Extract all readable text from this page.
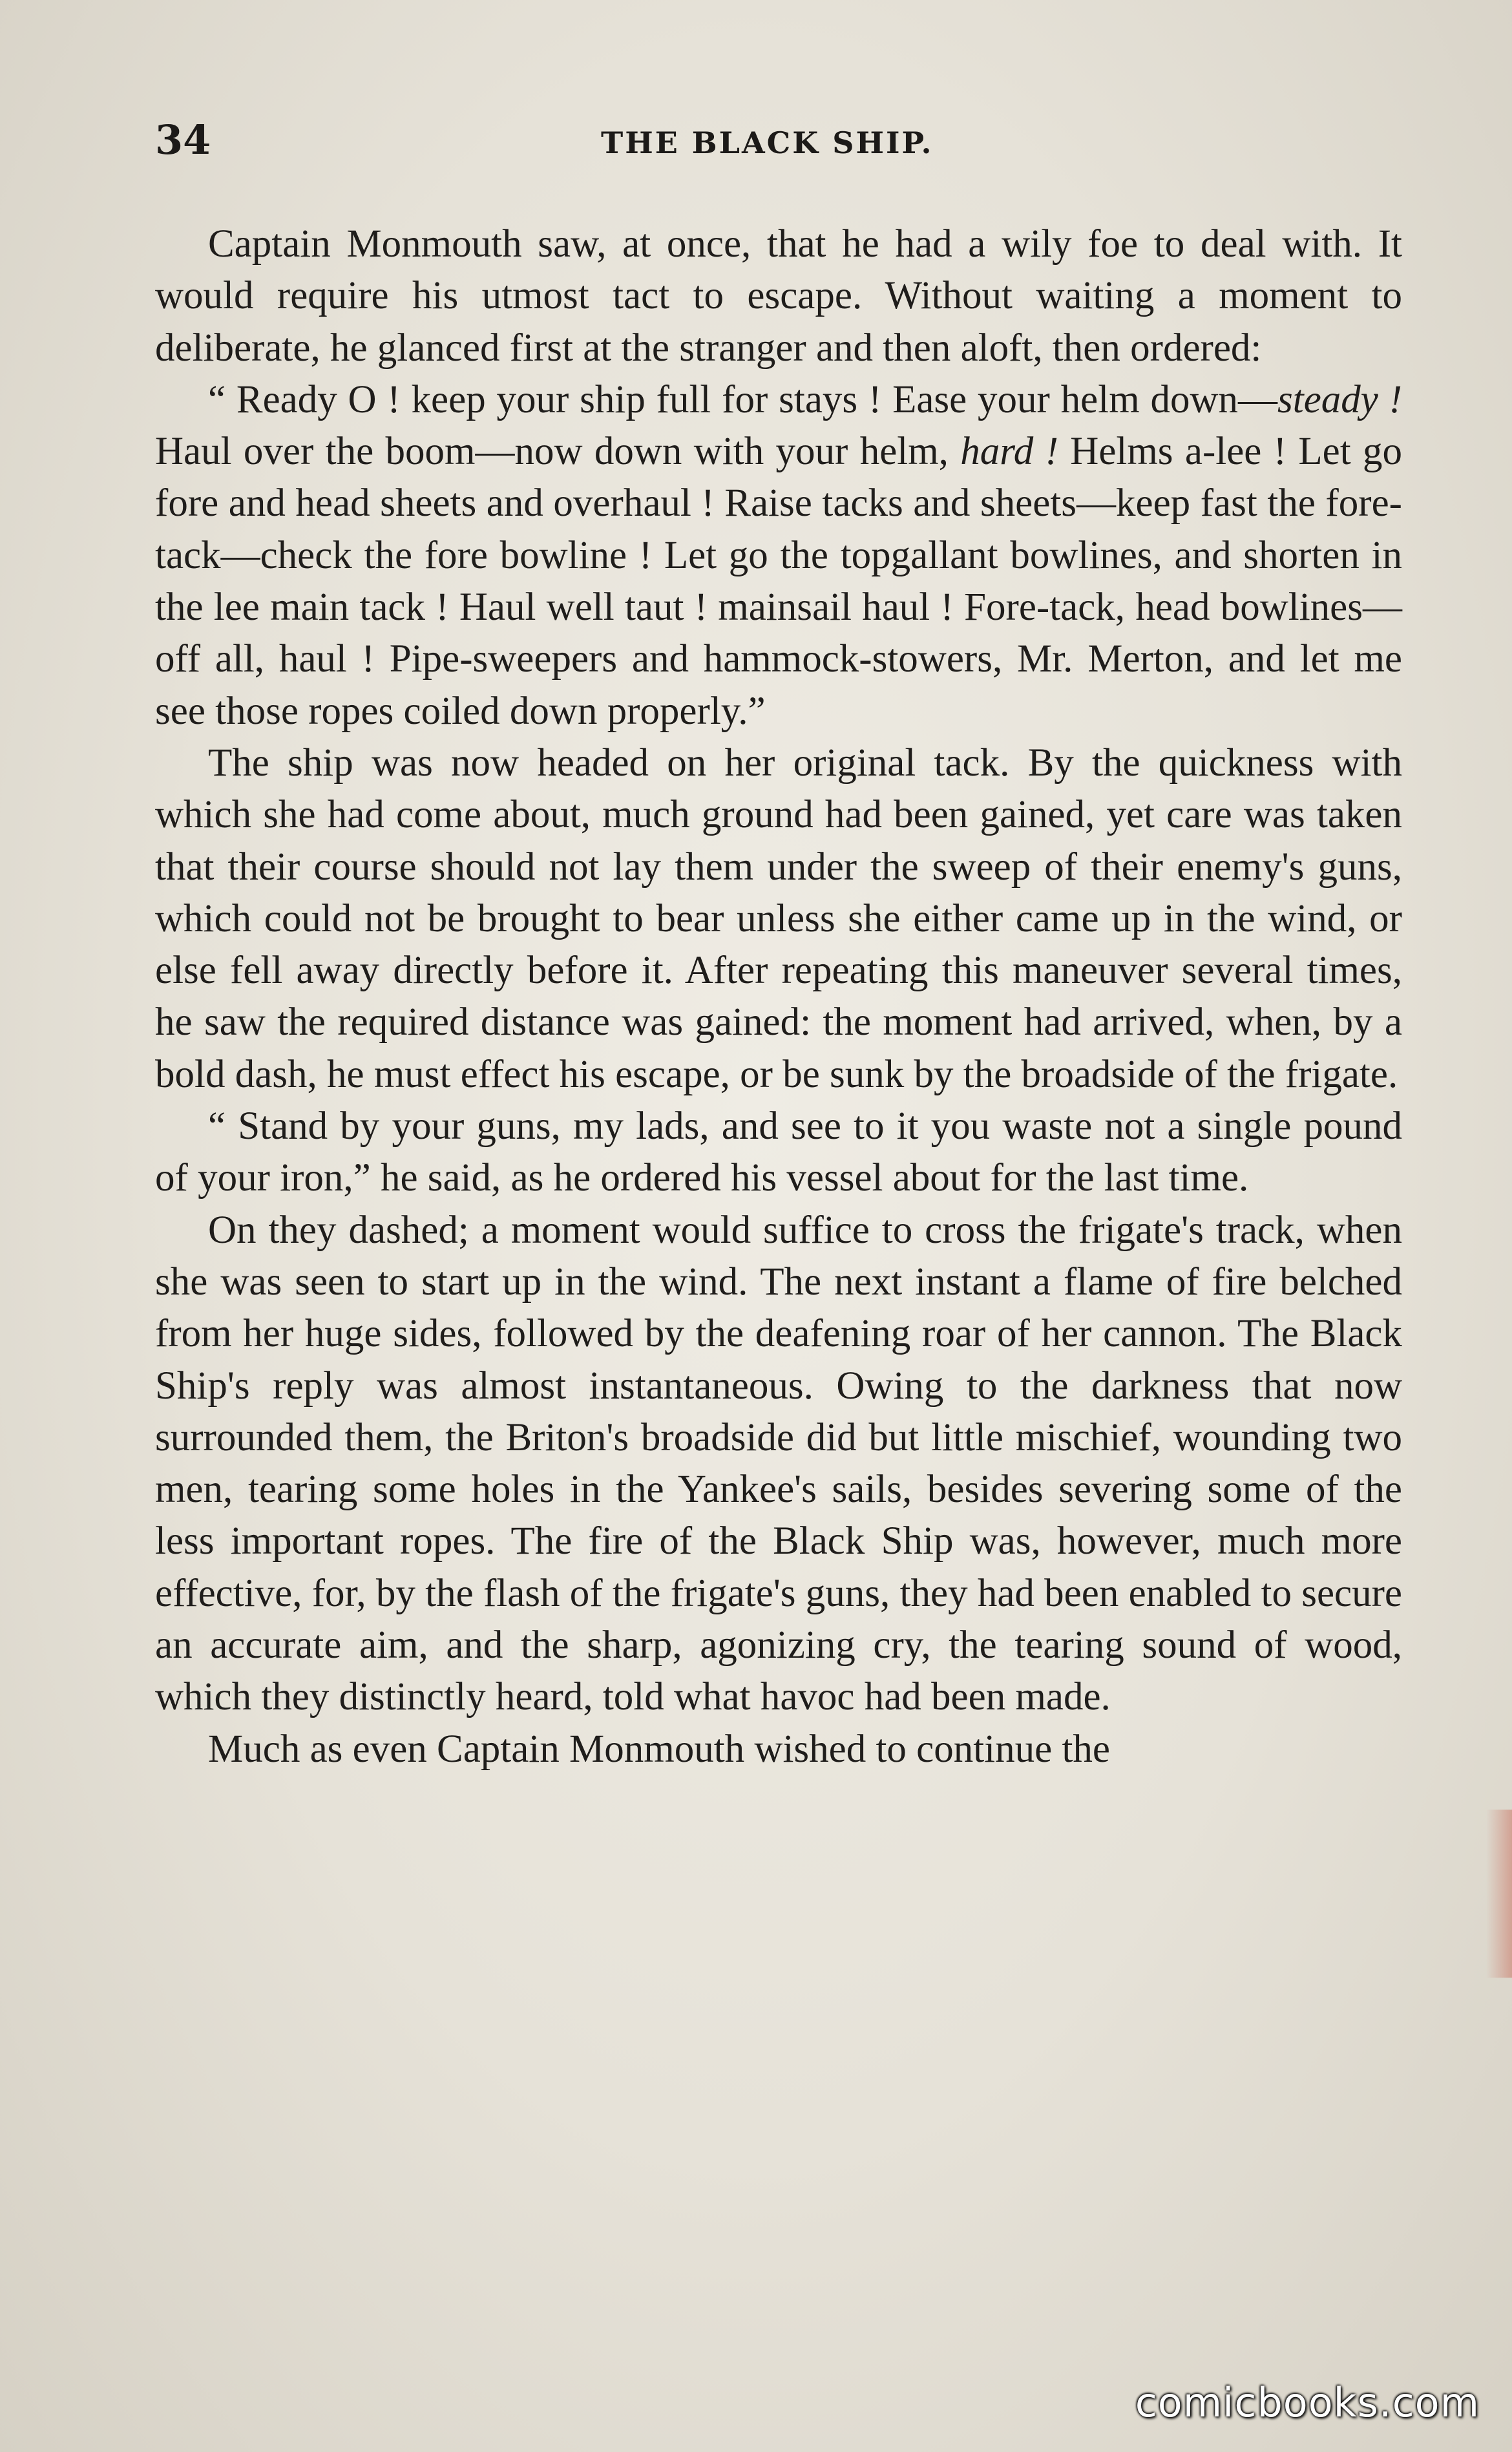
34	THE BLACK SHIP.

Captain Monmouth saw, at once, that he had a wily foe to deal with. It would require his utmost tact to escape. Without waiting a moment to deliberate, he glanced first at the stranger and then aloft, then ordered:

“ Ready O ! keep your ship full for stays ! Ease your helm down—steady ! Haul over the boom—now down with your helm, hard ! Helms a-lee ! Let go fore and head sheets and overhaul ! Raise tacks and sheets—keep fast the fore-tack—check the fore bowline ! Let go the topgallant bowlines, and shorten in the lee main tack ! Haul well taut ! mainsail haul ! Fore-tack, head bowlines—off all, haul ! Pipe-sweepers and hammock-stowers, Mr. Merton, and let me see those ropes coiled down properly.”

The ship was now headed on her original tack. By the quickness with which she had come about, much ground had been gained, yet care was taken that their course should not lay them under the sweep of their enemy's guns, which could not be brought to bear unless she either came up in the wind, or else fell away directly before it. After repeating this maneuver several times, he saw the required distance was gained: the moment had arrived, when, by a bold dash, he must effect his escape, or be sunk by the broadside of the frigate.

“ Stand by your guns, my lads, and see to it you waste not a single pound of your iron,” he said, as he ordered his vessel about for the last time.

On they dashed; a moment would suffice to cross the frigate's track, when she was seen to start up in the wind. The next instant a flame of fire belched from her huge sides, followed by the deafening roar of her cannon. The Black Ship's reply was almost instantaneous. Owing to the darkness that now surrounded them, the Briton's broadside did but little mischief, wounding two men, tearing some holes in the Yankee's sails, besides severing some of the less important ropes. The fire of the Black Ship was, however, much more effective, for, by the flash of the frigate's guns, they had been enabled to secure an accurate aim, and the sharp, agonizing cry, the tearing sound of wood, which they distinctly heard, told what havoc had been made.

Much as even Captain Monmouth wished to continue the

comicbooks.com
